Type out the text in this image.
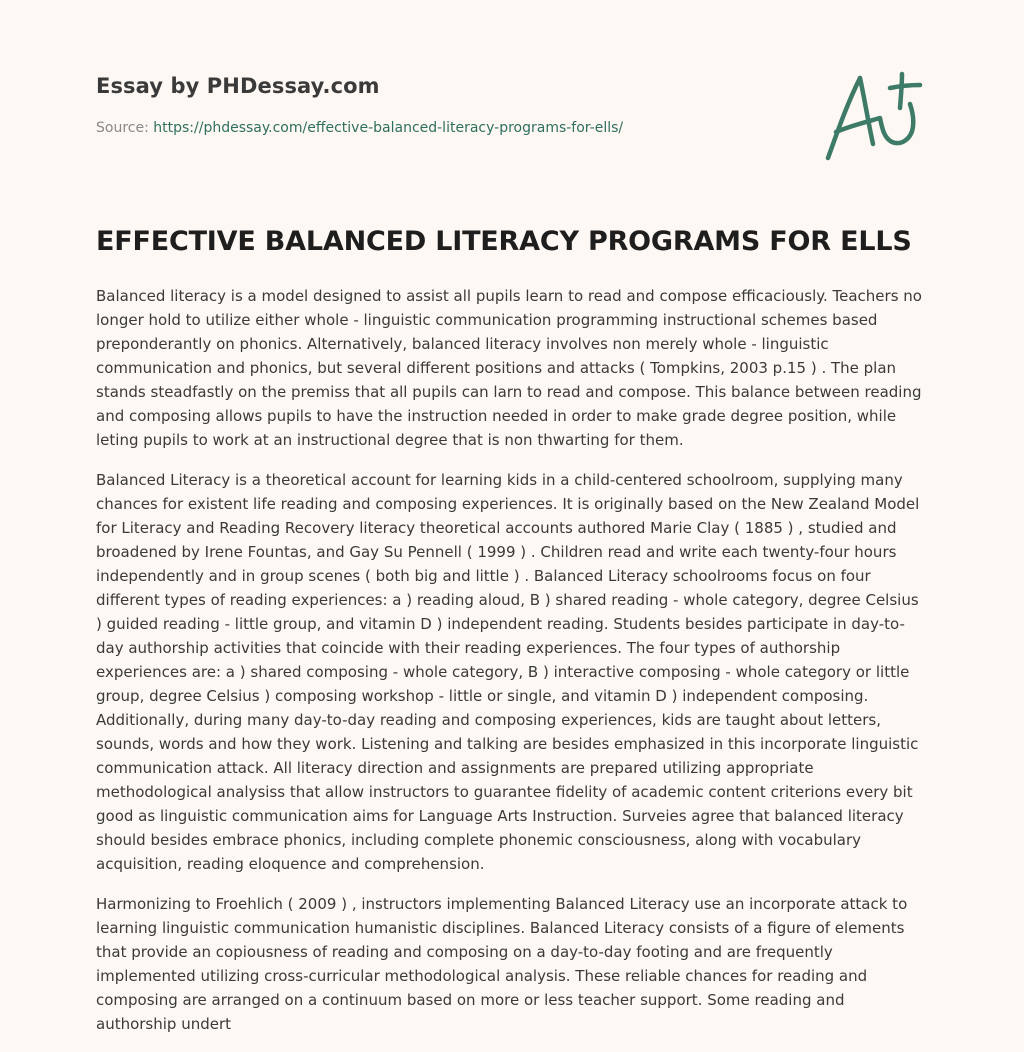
Essay by PHDessay.com
Source: https://phdessay.com/effective-balanced-literacy-programs-for-ells/
EFFECTIVE BALANCED LITERACY PROGRAMS FOR ELLS

Balanced literacy is a model designed to assist all pupils learn to read and compose efficaciously. Teachers no longer hold to utilize either whole - linguistic communication programming instructional schemes based preponderantly on phonics. Alternatively, balanced literacy involves non merely whole - linguistic communication and phonics, but several different positions and attacks ( Tompkins, 2003 p.15 ) . The plan stands steadfastly on the premiss that all pupils can larn to read and compose. This balance between reading and composing allows pupils to have the instruction needed in order to make grade degree position, while leting pupils to work at an instructional degree that is non thwarting for them.

Balanced Literacy is a theoretical account for learning kids in a child-centered schoolroom, supplying many chances for existent life reading and composing experiences. It is originally based on the New Zealand Model for Literacy and Reading Recovery literacy theoretical accounts authored Marie Clay ( 1885 ) , studied and broadened by Irene Fountas, and Gay Su Pennell ( 1999 ) . Children read and write each twenty-four hours independently and in group scenes ( both big and little ) . Balanced Literacy schoolrooms focus on four different types of reading experiences: a ) reading aloud, B ) shared reading - whole category, degree Celsius ) guided reading - little group, and vitamin D ) independent reading. Students besides participate in day-to-day authorship activities that coincide with their reading experiences. The four types of authorship experiences are: a ) shared composing - whole category, B ) interactive composing - whole category or little group, degree Celsius ) composing workshop - little or single, and vitamin D ) independent composing. Additionally, during many day-to-day reading and composing experiences, kids are taught about letters, sounds, words and how they work. Listening and talking are besides emphasized in this incorporate linguistic communication attack. All literacy direction and assignments are prepared utilizing appropriate methodological analysiss that allow instructors to guarantee fidelity of academic content criterions every bit good as linguistic communication aims for Language Arts Instruction. Surveies agree that balanced literacy should besides embrace phonics, including complete phonemic consciousness, along with vocabulary acquisition, reading eloquence and comprehension.

Harmonizing to Froehlich ( 2009 ) , instructors implementing Balanced Literacy use an incorporate attack to learning linguistic communication humanistic disciplines. Balanced Literacy consists of a figure of elements that provide an copiousness of reading and composing on a day-to-day footing and are frequently implemented utilizing cross-curricular methodological analysis. These reliable chances for reading and composing are arranged on a continuum based on more or less teacher support. Some reading and authorship undert
